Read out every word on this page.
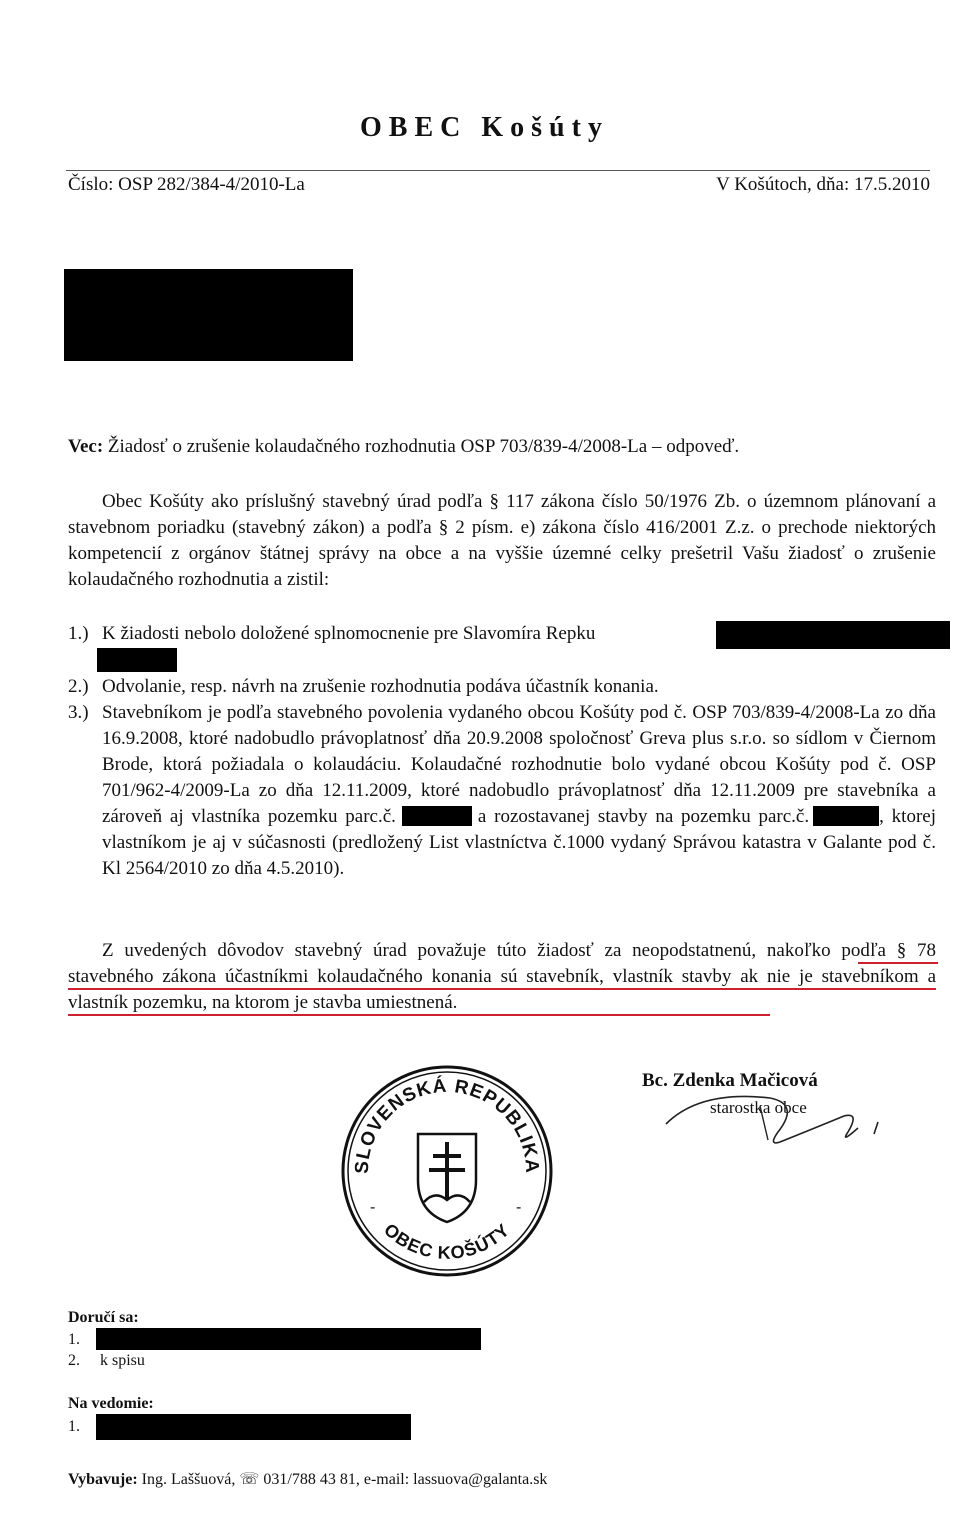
OBEC Košúty
Číslo: OSP 282/384-4/2010-La	V Košútoch, dňa: 17.5.2010
Vec: Žiadosť o zrušenie kolaudačného rozhodnutia OSP 703/839-4/2008-La – odpoveď.
Obec Košúty ako príslušný stavebný úrad podľa § 117 zákona číslo 50/1976 Zb. o územnom plánovaní a stavebnom poriadku (stavebný zákon) a podľa § 2 písm. e) zákona číslo 416/2001 Z.z. o prechode niektorých kompetencií z orgánov štátnej správy na obce a na vyššie územné celky prešetril Vašu žiadosť o zrušenie kolaudačného rozhodnutia a zistil:
1.) K žiadosti nebolo doložené splnomocnenie pre Slavomíra Repku
2.) Odvolanie, resp. návrh na zrušenie rozhodnutia podáva účastník konania.
3.) Stavebníkom je podľa stavebného povolenia vydaného obcou Košúty pod č. OSP 703/839-4/2008-La zo dňa 16.9.2008, ktoré nadobudlo právoplatnosť dňa 20.9.2008 spoločnosť Greva plus s.r.o. so sídlom v Čiernom Brode, ktorá požiadala o kolaudáciu. Kolaudačné rozhodnutie bolo vydané obcou Košúty pod č. OSP 701/962-4/2009-La zo dňa 12.11.2009, ktoré nadobudlo právoplatnosť dňa 12.11.2009 pre stavebníka a zároveň aj vlastníka pozemku parc.č.	a rozostavanej stavby na pozemku parc.č.	, ktorej vlastníkom je aj v súčasnosti (predložený List vlastníctva č.1000 vydaný Správou katastra v Galante pod č. Kl 2564/2010 zo dňa 4.5.2010).
Z uvedených dôvodov stavebný úrad považuje túto žiadosť za neopodstatnenú, nakoľko podľa § 78 stavebného zákona účastníkmi kolaudačného konania sú stavebník, vlastník stavby ak nie je stavebníkom a vlastník pozemku, na ktorom je stavba umiestnená.
SLOVENSKÁ REPUBLIKA
OBEC KOŠÚTY
-	-
Bc. Zdenka Mačicová
starostka obce
Doručí sa:
1.
2. k spisu
Na vedomie:
1.
Vybavuje: Ing. Laššuová, ☏ 031/788 43 81, e-mail: lassuova@galanta.sk
